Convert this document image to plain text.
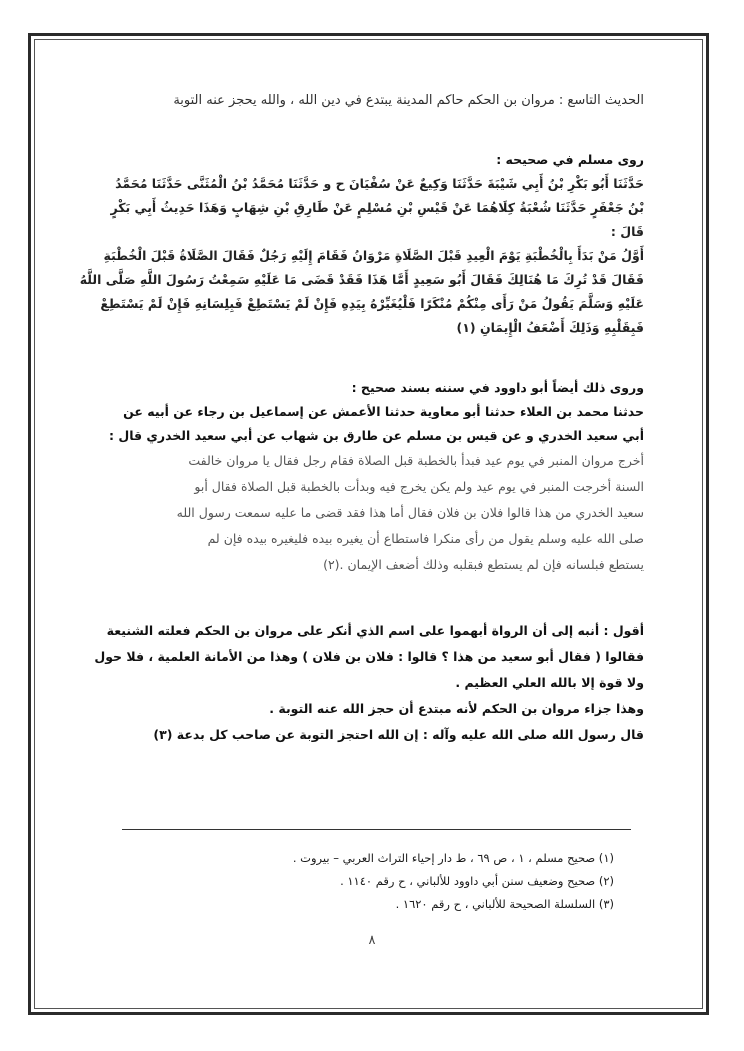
الحديث التاسع : مروان بن الحكم حاكم المدينة يبتدع في دين الله ، والله يحجز عنه التوبة
روى مسلم في صحيحه :
حَدَّثَنَا أَبُو بَكْرِ بْنُ أَبِي شَيْبَةَ حَدَّثَنَا وَكِيعٌ عَنْ سُفْيَانَ ح و حَدَّثَنَا مُحَمَّدُ بْنُ الْمُثَنَّى حَدَّثَنَا مُحَمَّدُ
بْنُ جَعْفَرٍ حَدَّثَنَا شُعْبَةُ كِلَاهُمَا عَنْ قَيْسِ بْنِ مُسْلِمٍ عَنْ طَارِقِ بْنِ شِهَابٍ وَهَذَا حَدِيثُ أَبِي بَكْرٍ
قَالَ :
أَوَّلُ مَنْ بَدَأَ بِالْخُطْبَةِ يَوْمَ الْعِيدِ قَبْلَ الصَّلَاةِ مَرْوَانُ فَقَامَ إِلَيْهِ رَجُلٌ فَقَالَ الصَّلَاةُ قَبْلَ الْخُطْبَةِ
فَقَالَ قَدْ تُرِكَ مَا هُنَالِكَ فَقَالَ أَبُو سَعِيدٍ أَمَّا هَذَا فَقَدْ قَضَى مَا عَلَيْهِ سَمِعْتُ رَسُولَ اللَّهِ صَلَّى اللَّهُ
عَلَيْهِ وَسَلَّمَ يَقُولُ مَنْ رَأَى مِنْكُمْ مُنْكَرًا فَلْيُغَيِّرْهُ بِيَدِهِ فَإِنْ لَمْ يَسْتَطِعْ فَبِلِسَانِهِ فَإِنْ لَمْ يَسْتَطِعْ
فَبِقَلْبِهِ وَذَلِكَ أَضْعَفُ الْإِيمَانِ (١)
وروى ذلك أيضاً أبو داوود في سننه بسند صحيح :
حدثنا محمد بن العلاء حدثنا أبو معاوية حدثنا الأعمش عن إسماعيل بن رجاء عن أبيه عن
أبي سعيد الخدري و عن قيس بن مسلم عن طارق بن شهاب عن أبي سعيد الخدري قال :
أخرج مروان المنبر في يوم عيد فبدأ بالخطبة قبل الصلاة فقام رجل فقال يا مروان خالفت
السنة أخرجت المنبر في يوم عيد ولم يكن يخرج فيه وبدأت بالخطبة قبل الصلاة فقال أبو
سعيد الخدري من هذا قالوا فلان بن فلان فقال أما هذا فقد قضى ما عليه سمعت رسول الله
صلى الله عليه وسلم يقول من رأى منكرا فاستطاع أن يغيره بيده فليغيره بيده فإن لم
يستطع فبلسانه فإن لم يستطع فبقلبه وذلك أضعف الإيمان .(٢)
أقول : أنبه إلى أن الرواة أبهموا على اسم الذي أنكر على مروان بن الحكم فعلته الشنيعة
فقالوا ( فقال أبو سعيد من هذا ؟ قالوا : فلان بن فلان ) وهذا من الأمانة العلمية ، فلا حول
ولا قوة إلا بالله العلي العظيم .
وهذا جزاء مروان بن الحكم لأنه مبتدع أن حجز الله عنه التوبة .
قال رسول الله صلى الله عليه وآله : إن الله احتجز التوبة عن صاحب كل بدعة (٣)
(١) صحيح مسلم ، ١ ، ص ٦٩ ، ط دار إحياء التراث العربي – بيروت .
(٢) صحيح وضعيف سنن أبي داوود للألباني ، ح رقم ١١٤٠ .
(٣) السلسلة الصحيحة للألباني ، ح رقم ١٦٢٠ .
٨
